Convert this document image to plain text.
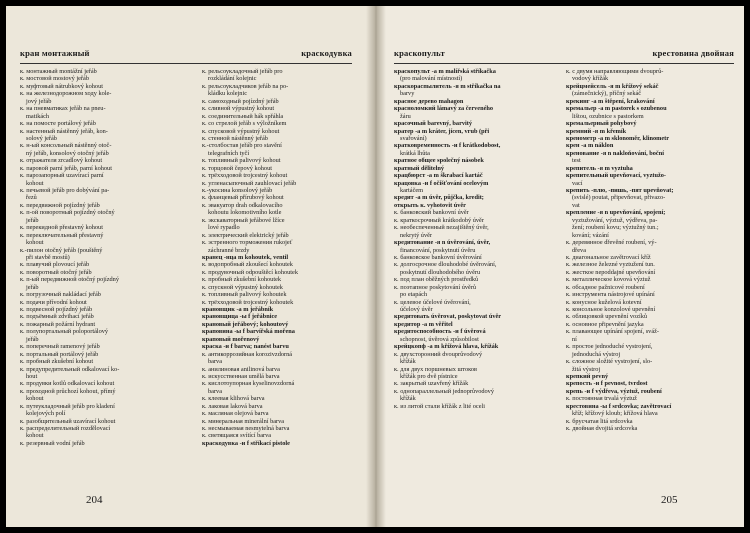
кран монтажный	краскодувка
к. монтажный montážní jeřáb
к. мостовой mostový jeřáb
к. муфтовый nátrubkový kohout
к. на железнодорожном ходу kole-
jový jeřáb
к. на пневматиках jeřáb na pneu-
matikách
к. на помосте portálový jeřáb
к. настенный nástěnný jeřáb, kon-
solový jeřáb
к. н-ый консольный nástěnný otoč-
ný jeřáb, konsolový otočný jeřáb
к. отражателя zrcadlový kohout
к. паровой parní jeřáb, parní kohout
к. парозапорный uzavírací parní
kohout
к. печьевой jeřáb pro dobývání pa-
řezů
к. передвижной pojízdný jeřáb
к. п-ой поворотный pojízdný otočný
jeřáb
к. перекидной přestavný kohout
к. переключательный přestavný
kohout
к.-пилон otočný jeřáb (pouštěný
při stavbě mostů)
к. плавучий plovoucí jeřáb
к. поворотный otočný jeřáb
к. п-ый передвижной otočný pojízdný
jeřáb
к. погрузочный nakládací jeřáb
к. подачи přívodní kohout
к. подвесной pojízdný jeřáb
к. подъёмный zdvihací jeřáb
к. пожарный požární hydrant
к. полупортальный poloportálový
jeřáb
к. поперечный ramenový jeřáb
к. портальный portálový jeřáb
к. пробный zkušební kohout
к. предупредительный odkalovací ko-
hout
к. продувки kotlů odkalovací kohout
к. проходной průchozí kohout, přímý
kohout
к. путеукладочный jeřáb pro kladení
kolejových polí
к. разобщительный uzavírací kohout
к. распределительный rozdělovací
kohout
к. резервный vodní jeřáb
к. рельсоукладочный jeřáb pro
rozkládání kolejnic
к. рельсоукладчиков jeřáb na po-
kládku kolejnic
к. самоходный pojízdný jeřáb
к. сливной výpustný kohout
к. соединительный hák spřáhla
к. со стрелой jeřáb s výložníkem
к. спусковой výpustný kohout
к. стенной nástěnný jeřáb
к.-столбостав jeřáb pro stavění
telegrafních tyčí
к. топливный palivový kohout
к. торцовой čepový kohout
к. трёхходовой trojcestný kohout
к. угленасыпочный zauhlovací jeřáb
к.-укосина konsolový jeřáb
к. фланцевый přírubový kohout
к. эвакуатор drah odkalovacího
kohoutu lokomotivního kotle
к. экскаваторный jeřábové lžíce
lové rypadlo
к. электрический elektrický jeřáb
к. эстренного торможения rukojeť
záchranné brzdy
кранец -нца m kohoutek, ventil
к. водопробный zkoušecí kohoutek
к. продувочный odpouštěcí kohoutek
к. пробный zkušební kohoutek
к. спускной výpustný kohoutek
к. топливный palivový kohoutek
к. трёхходовой trojcestný kohoutek
крановщик -а m jeřábník
крановщица -ы f jeřábnice
крановый jeřábový; kohoutový
краповина -ы f barvířská mořena
краповый mořenový
краска -и f barva; nanést barvu
к. антикоррозийная korozivzdorná
barva
к. анилиновая anilinová barva
к. искусственная umělá barva
к. кислотоупорная kyselinovzdorná
barva
к. клеевая klihová barva
к. лаковая laková barva
к. масляная olejová barva
к. минеральная minerální barva
к. несмываемая nesmytelná barva
к. светящаяся svítící barva
краскодувка -и f stříkací pistole
204
краскопульт	крестовина двойная
краскопульт -а m malířská stříkačka
(pro malování místností)
краскораспылитель -я m stříkačka na
barvy
красное дерево mahagon
красноломкий lámavý za červeného
žáru
красочный barevný, barvitý
кратер -а m kráter, jícen, vrub (při
svařování)
кратковременность -и f krátkodobost,
krátká lhůta
кратное общее společný násobek
кратный dělitelný
крацбюрст -а m škrabací kartáč
крацовка -и f očišťování ocelovým
kartáčem
кредит -а m úvěr, půjčka, kredit;
открыть к. vyhotovit úvěr
к. банковский bankovní úvěr
к. краткосрочный krátkodobý úvěr
к. необеспеченный nezajištěný úvěr,
nekrytý úvěr
кредитование -я n úvěrování, úvěr,
financování, poskytnutí úvěru
к. банковское bankovní úvěrování
к. долгосрочное dlouhodobé úvěrování,
poskytnutí dlouhodobého úvěru
к. под план oběžných prostředků
к. поэтапное poskytování úvěrů
po etapách
к. целевое účelové úvěrování,
účelový úvěr
кредитовать úvěrovat, poskytovat úvěr
кредитор -а m věřitel
кредитоспособность -и f úvěrová
schopnost, úvěrová způsobilost
крейцкопф -а m křížová hlava, křížák
к. двухсторонний dvouprůvodový
křížák
к. для двух поршневых штоков
křížák pro dvě pístnice
к. закрытый uzavřený křížák
к. однопараллельный jednoprůvodový
křížák
к. из литой стали křížák z lité oceli
к. с двумя направляющими dvouprů-
vodový křížák
крейцмейсель -я m křížový sekáč
(zámečnický), příčný sekáč
крекинг -а m štěpení, krakování
кремальер -а m pastorek s ozubenou
lištou, ozubnice s pastorkem
кремальерный pohybový
кремний -я m křemík
кренометр -а m sklonoměr, klinometr
крен -а m náklon
кренование -я n nakloňování, boční
test
крепитель -я m vyztuha
крепительный upevňovací, vyztužo-
vací
крепить -плю, -пишь, -пят upevňovat;
(svislé) poutat, připevňovat, přivazo-
vat
крепление -я n upevňování, spojení;
vyztužování, výztuž, výdřeva, pa-
žení; roubení kovu; výztužný tun.;
kování; vázání
к. деревянное dřevěné roubení, vý-
dřeva
к. диагональное zavětrovací kříž
к. железное železné vyztužení tun.
к. жесткое nepoddajné upevňování
к. металлическое kovová výztuž
к. обсадное pažnicové roubení
к. инструмента nástrojové upínání
к. конусное kuželová kotevní
к. консольное konzolové upevnění
к. облицовкой upevnění vozíků
к. основное připevnění jazyka
к. плавающее upínání spojení, sváž-
ní
к. простое jednoduché vystrojení,
jednoduchá výstroj
к. сложное složité vystrojení, slo-
žitá výstroj
крепкий pevný
крепость -и f pevnost, tvrdost
крепь -и f výdřeva, výztuž, roubení
к. постоянная trvalá výztuž
крестовина -ы f srdcovka; zavětrovací
kříž; křížový kloub; křížová hlava
к. брусчатая litá srdcovka
к. двойная dvojitá srdcovka
205
